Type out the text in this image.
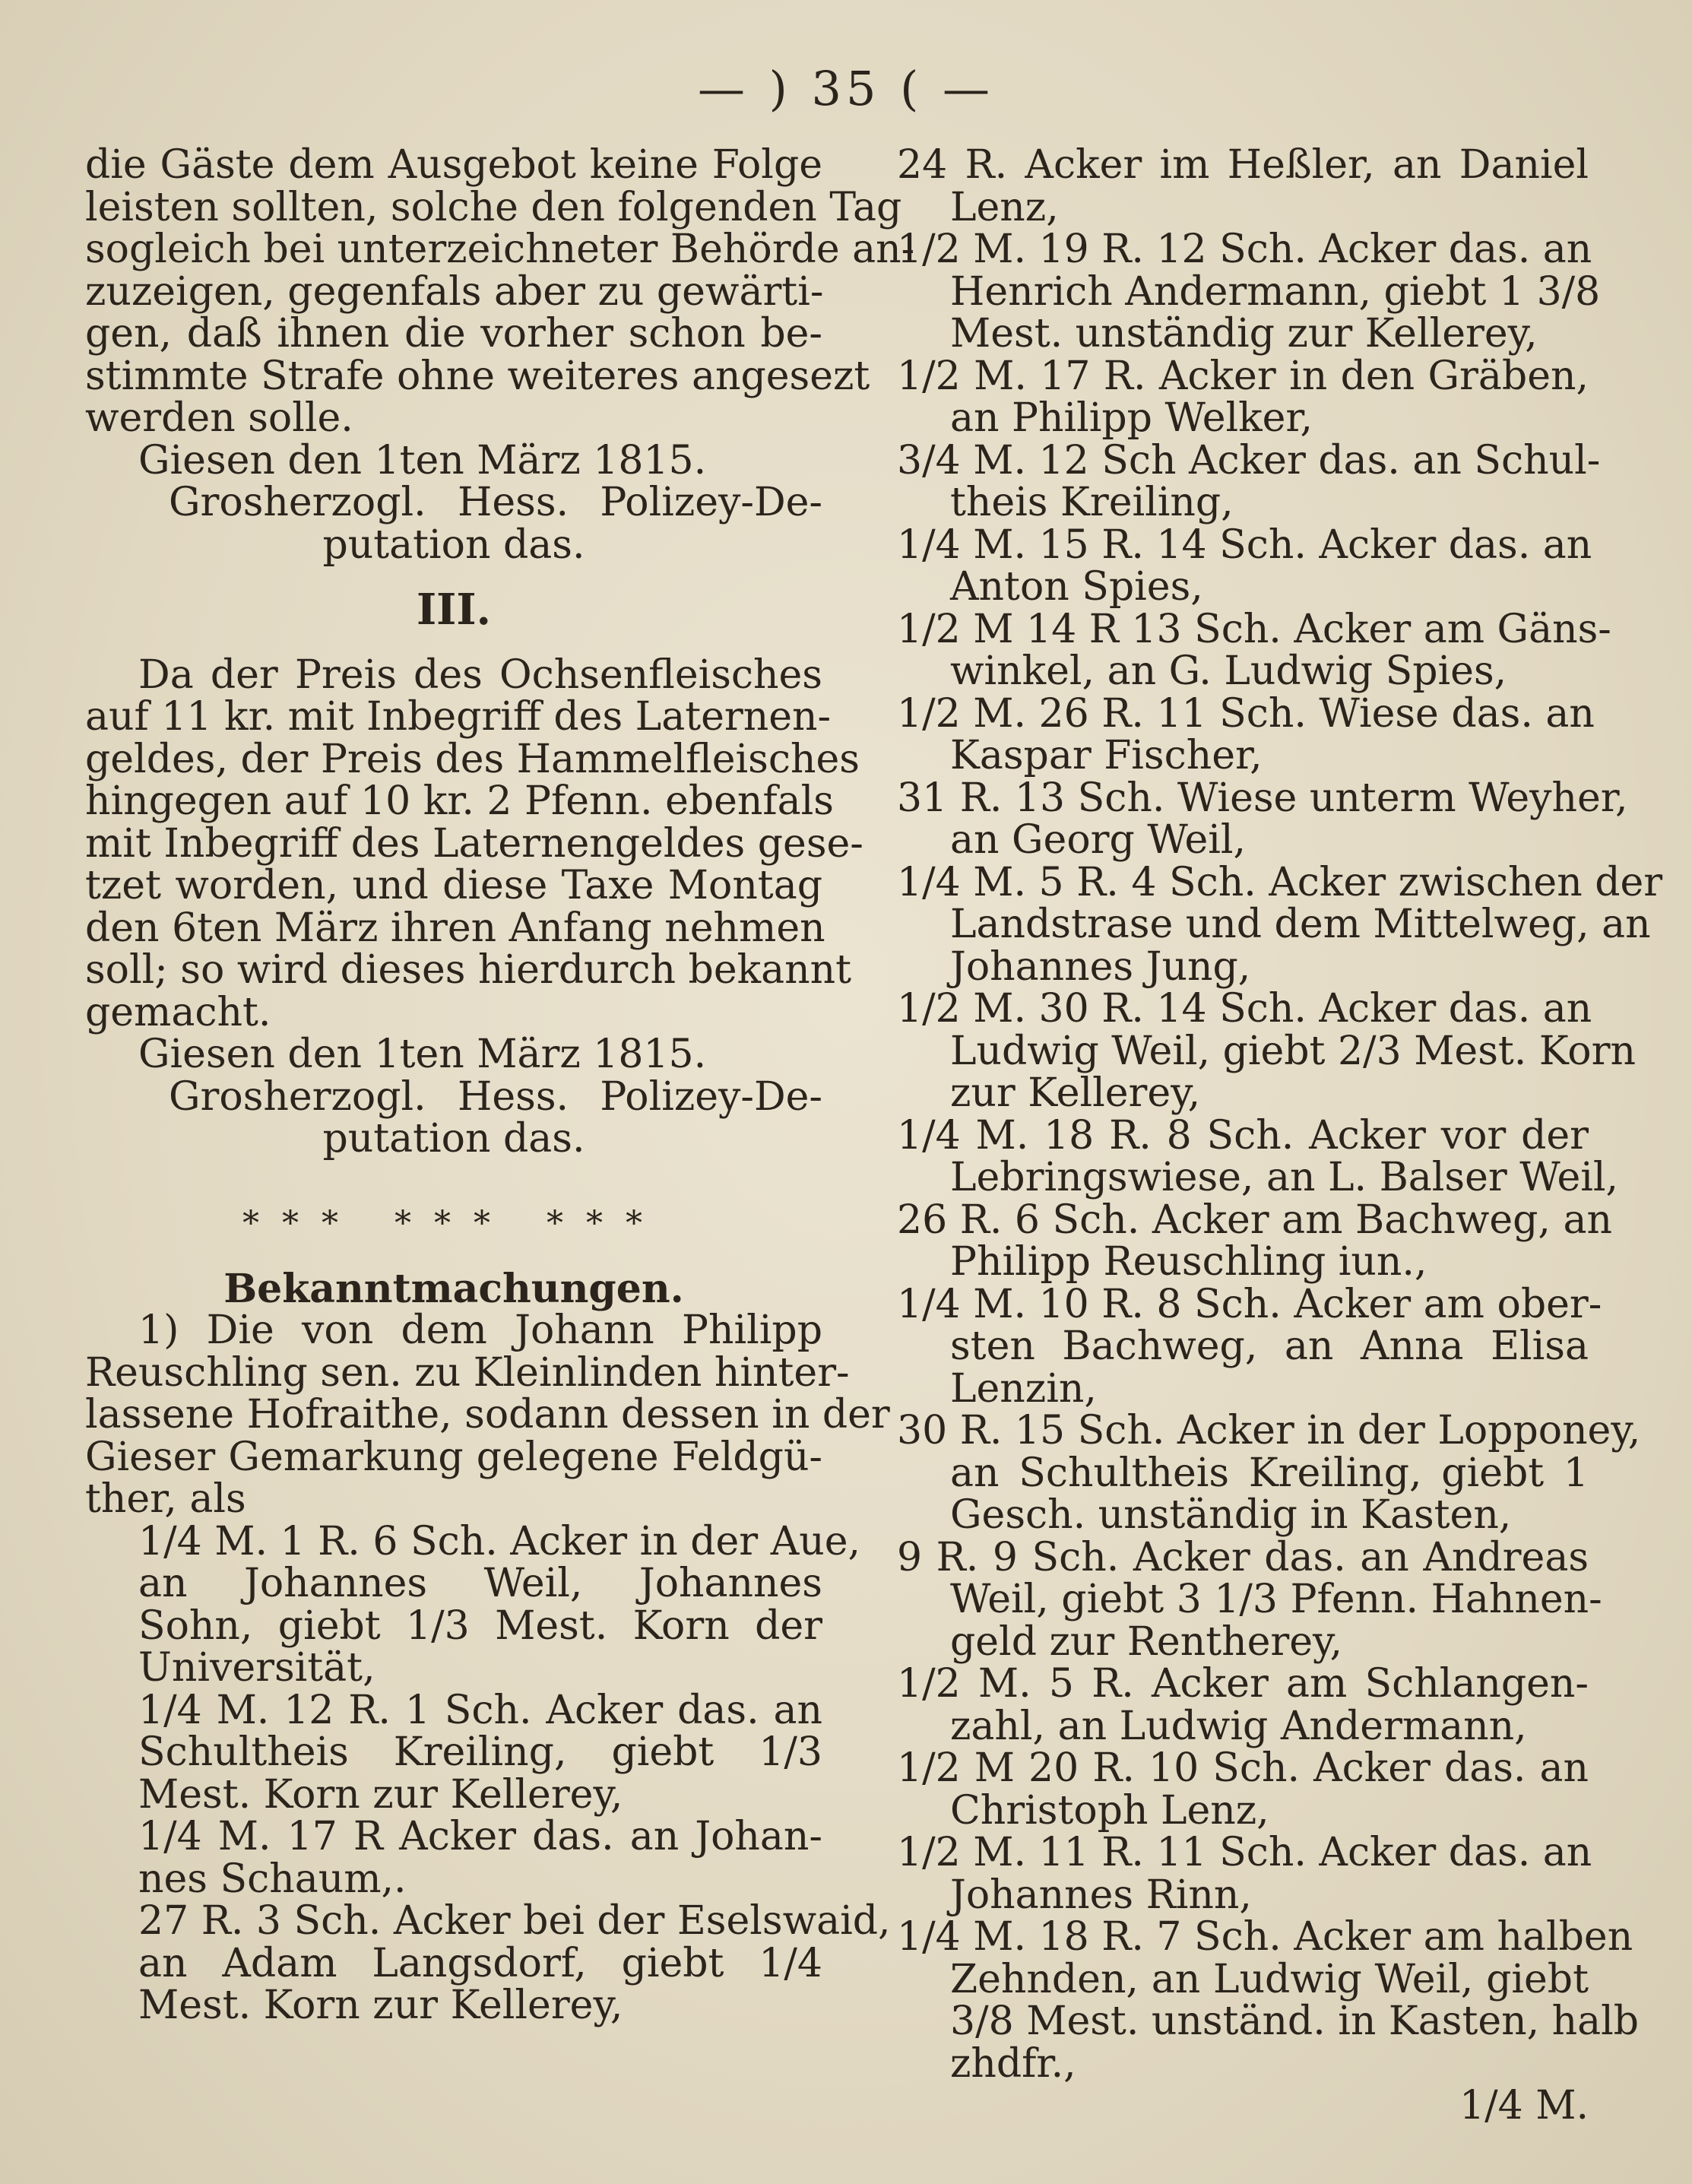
— ) 35 ( —
die Gäste dem Ausgebot keine Folge
leisten sollten, solche den folgenden Tag
sogleich bei unterzeichneter Behörde an-
zuzeigen, gegenfals aber zu gewärti-
gen, daß ihnen die vorher schon be-
stimmte Strafe ohne weiteres angesezt
werden solle.
Giesen den 1ten März 1815.
Grosherzogl. Hess. Polizey-De-
putation das.
III.
Da der Preis des Ochsenfleisches
auf 11 kr. mit Inbegriff des Laternen-
geldes, der Preis des Hammelfleisches
hingegen auf 10 kr. 2 Pfenn. ebenfals
mit Inbegriff des Laternengeldes gese-
tzet worden, und diese Taxe Montag
den 6ten März ihren Anfang nehmen
soll; so wird dieses hierdurch bekannt
gemacht.
Giesen den 1ten März 1815.
Grosherzogl. Hess. Polizey-De-
putation das.
*** *** ***
Bekanntmachungen.
1) Die von dem Johann Philipp
Reuschling sen. zu Kleinlinden hinter-
lassene Hofraithe, sodann dessen in der
Gieser Gemarkung gelegene Feldgü-
ther, als
1/4 M. 1 R. 6 Sch. Acker in der Aue,
an Johannes Weil, Johannes
Sohn, giebt 1/3 Mest. Korn der
Universität,
1/4 M. 12 R. 1 Sch. Acker das. an
Schultheis Kreiling, giebt 1/3
Mest. Korn zur Kellerey,
1/4 M. 17 R Acker das. an Johan-
nes Schaum,.
27 R. 3 Sch. Acker bei der Eselswaid,
an Adam Langsdorf, giebt 1/4
Mest. Korn zur Kellerey,
24 R. Acker im Heßler, an Daniel
Lenz,
1/2 M. 19 R. 12 Sch. Acker das. an
Henrich Andermann, giebt 1 3/8
Mest. unständig zur Kellerey,
1/2 M. 17 R. Acker in den Gräben,
an Philipp Welker,
3/4 M. 12 Sch Acker das. an Schul-
theis Kreiling,
1/4 M. 15 R. 14 Sch. Acker das. an
Anton Spies,
1/2 M 14 R 13 Sch. Acker am Gäns-
winkel, an G. Ludwig Spies,
1/2 M. 26 R. 11 Sch. Wiese das. an
Kaspar Fischer,
31 R. 13 Sch. Wiese unterm Weyher,
an Georg Weil,
1/4 M. 5 R. 4 Sch. Acker zwischen der
Landstrase und dem Mittelweg, an
Johannes Jung,
1/2 M. 30 R. 14 Sch. Acker das. an
Ludwig Weil, giebt 2/3 Mest. Korn
zur Kellerey,
1/4 M. 18 R. 8 Sch. Acker vor der
Lebringswiese, an L. Balser Weil,
26 R. 6 Sch. Acker am Bachweg, an
Philipp Reuschling iun.,
1/4 M. 10 R. 8 Sch. Acker am ober-
sten Bachweg, an Anna Elisa
Lenzin,
30 R. 15 Sch. Acker in der Lopponey,
an Schultheis Kreiling, giebt 1
Gesch. unständig in Kasten,
9 R. 9 Sch. Acker das. an Andreas
Weil, giebt 3 1/3 Pfenn. Hahnen-
geld zur Rentherey,
1/2 M. 5 R. Acker am Schlangen-
zahl, an Ludwig Andermann,
1/2 M 20 R. 10 Sch. Acker das. an
Christoph Lenz,
1/2 M. 11 R. 11 Sch. Acker das. an
Johannes Rinn,
1/4 M. 18 R. 7 Sch. Acker am halben
Zehnden, an Ludwig Weil, giebt
3/8 Mest. unständ. in Kasten, halb
zhdfr.,
1/4 M.
